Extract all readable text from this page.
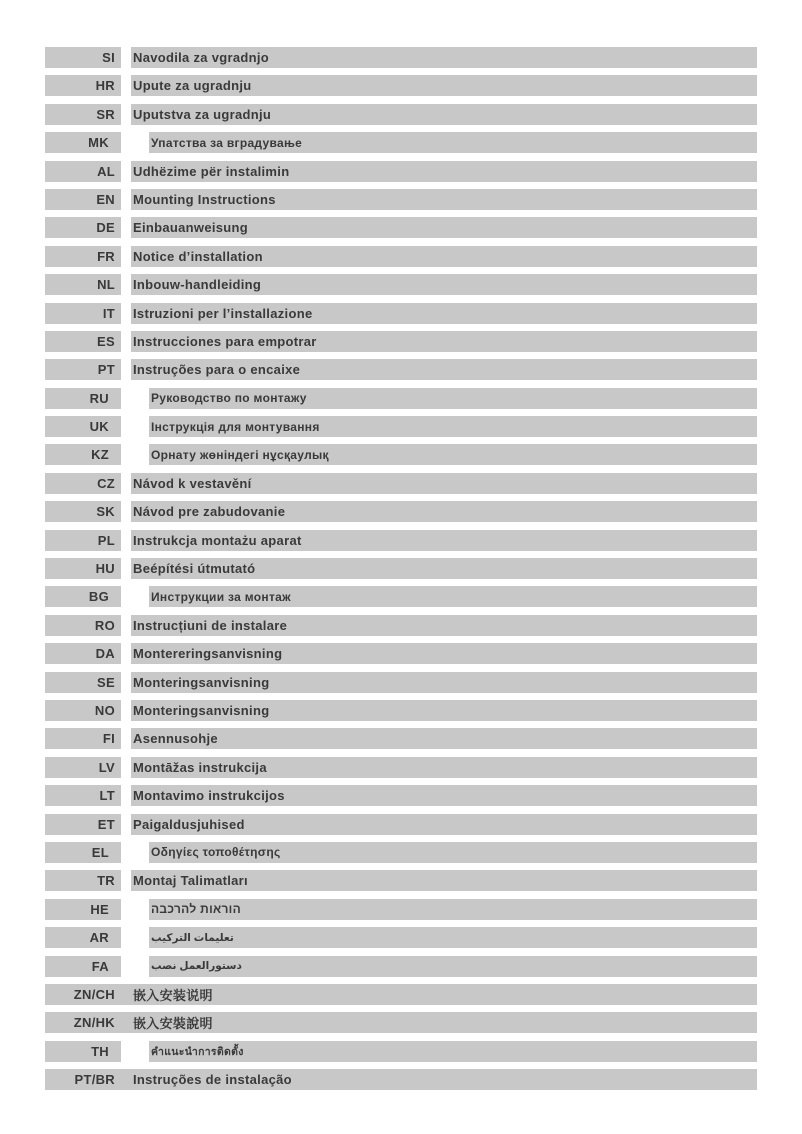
SI	Navodila za vgradnjo
HR	Upute za ugradnju
SR	Uputstva za ugradnju
MK	Упатства за вградување
AL	Udhëzime për instalimin
EN	Mounting Instructions
DE	Einbauanweisung
FR	Notice d’installation
NL	Inbouw-handleiding
IT	Istruzioni per l’installazione
ES	Instrucciones para empotrar
PT	Instruções para o encaixe
RU	Руководство по монтажу
UK	Інструкція для монтування
KZ	Орнату жөніндегі нұсқаулық
CZ	Návod k vestavění
SK	Návod pre zabudovanie
PL	Instrukcja montażu aparat
HU	Beépítési útmutató
BG	Инструкции за монтаж
RO	Instrucțiuni de instalare
DA	Montereringsanvisning
SE	Monteringsanvisning
NO	Monteringsanvisning
FI	Asennusohje
LV	Montāžas instrukcija
LT	Montavimo instrukcijos
ET	Paigaldusjuhised
EL	Οδηγίες τοποθέτησης
TR	Montaj Talimatları
HE	הוראות להרכבה
AR	تعليمات التركيب
FA	دستورالعمل نصب
ZN/CH	嵌入安装说明
ZN/HK	嵌入安裝說明
TH	คำแนะนำการติดตั้ง
PT/BR	Instruções de instalação
